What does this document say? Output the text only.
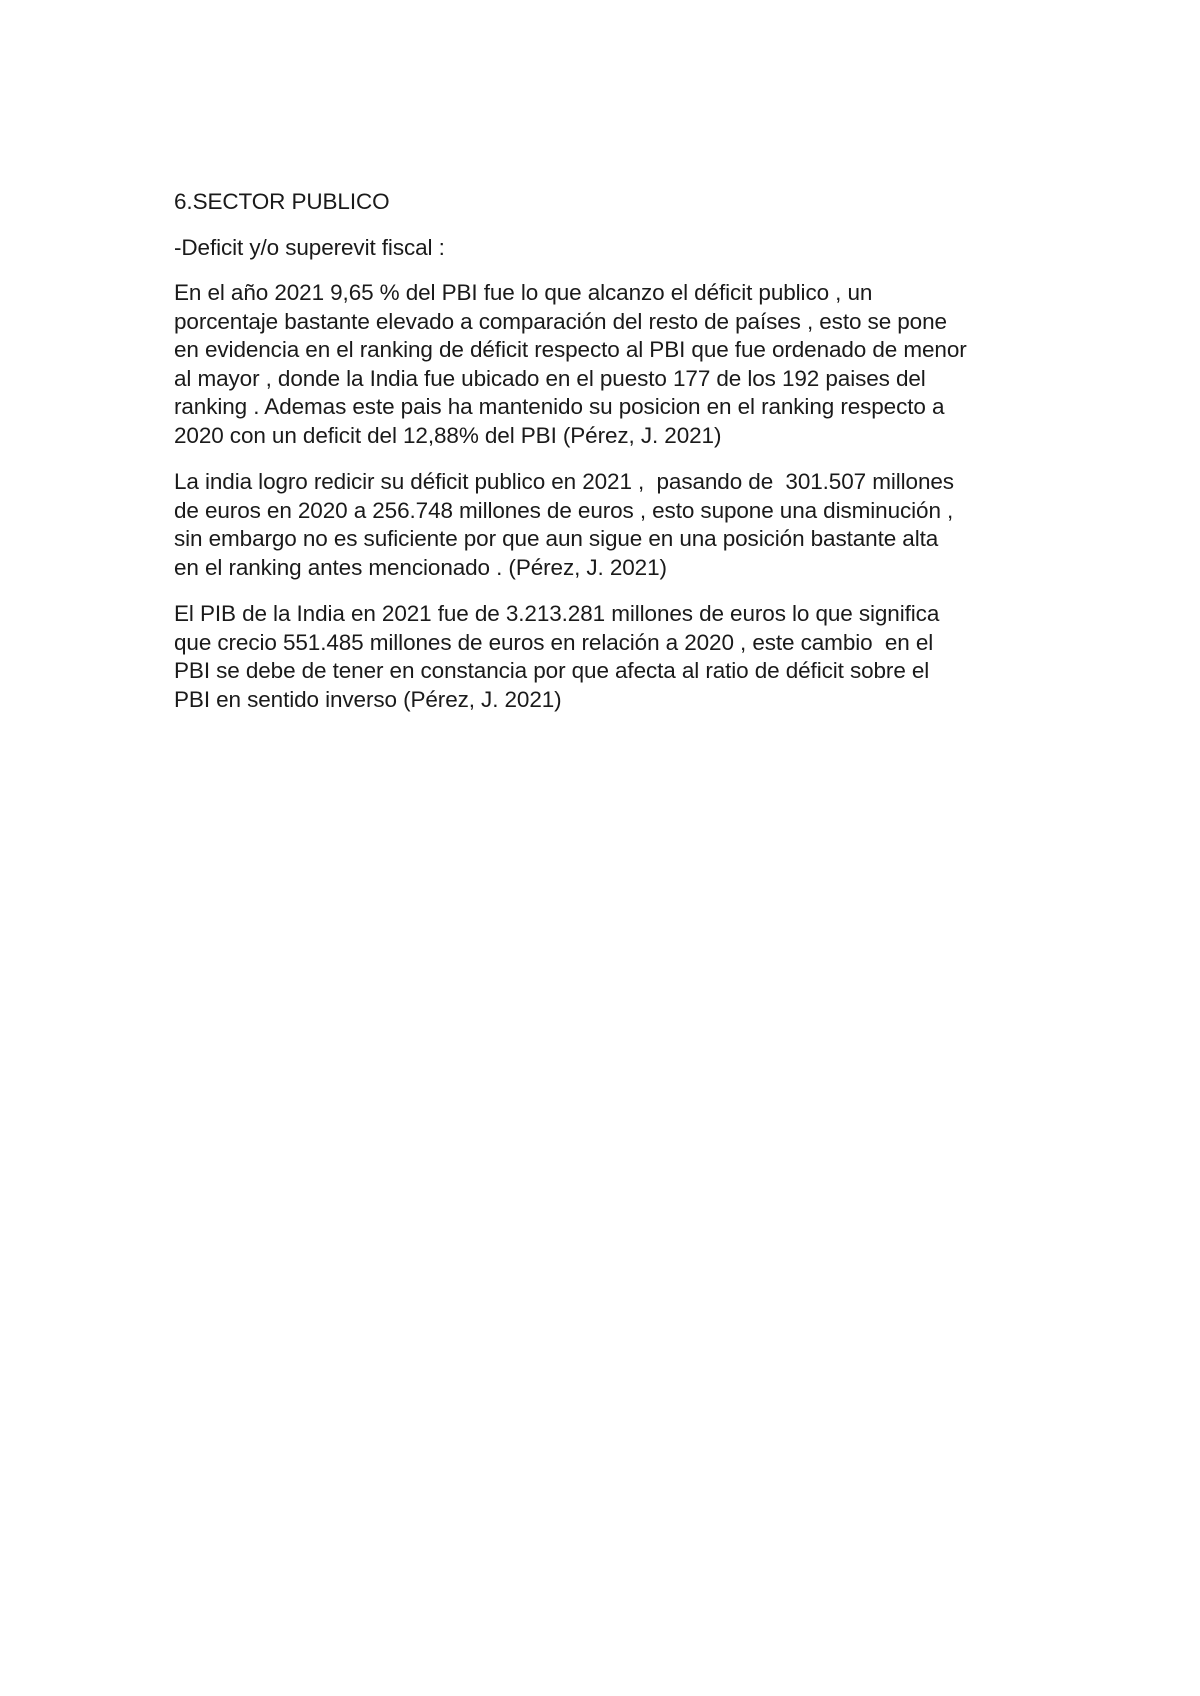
6.SECTOR PUBLICO
-Deficit y/o superevit fiscal :
En el año 2021 9,65 % del PBI fue lo que alcanzo el déficit publico , un
porcentaje bastante elevado a comparación del resto de países , esto se pone
en evidencia en el ranking de déficit respecto al PBI que fue ordenado de menor
al mayor , donde la India fue ubicado en el puesto 177 de los 192 paises del
ranking . Ademas este pais ha mantenido su posicion en el ranking respecto a
2020 con un deficit del 12,88% del PBI (Pérez, J. 2021)
La india logro redicir su déficit publico en 2021 ,  pasando de  301.507 millones
de euros en 2020 a 256.748 millones de euros , esto supone una disminución ,
sin embargo no es suficiente por que aun sigue en una posición bastante alta
en el ranking antes mencionado . (Pérez, J. 2021)
El PIB de la India en 2021 fue de 3.213.281 millones de euros lo que significa
que crecio 551.485 millones de euros en relación a 2020 , este cambio  en el
PBI se debe de tener en constancia por que afecta al ratio de déficit sobre el
PBI en sentido inverso (Pérez, J. 2021)
